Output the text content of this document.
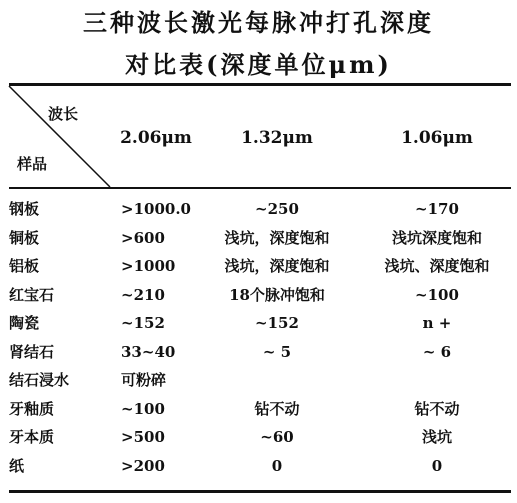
三种波长激光每脉冲打孔深度
对比表(深度单位μm)
波长
样品
2.06μm	1.32μm	1.06μm
钢板	>1000.0	~250	~170
铜板	>600	浅坑，深度饱和	浅坑深度饱和
铝板	>1000	浅坑，深度饱和	浅坑、深度饱和
红宝石	~210	18个脉冲饱和	~100
陶瓷	~152	~152	n +
肾结石	33~40	~ 5	~ 6
结石浸水	可粉碎
牙釉质	~100	钻不动	钻不动
牙本质	>500	~60	浅坑
纸	>200	0	0
